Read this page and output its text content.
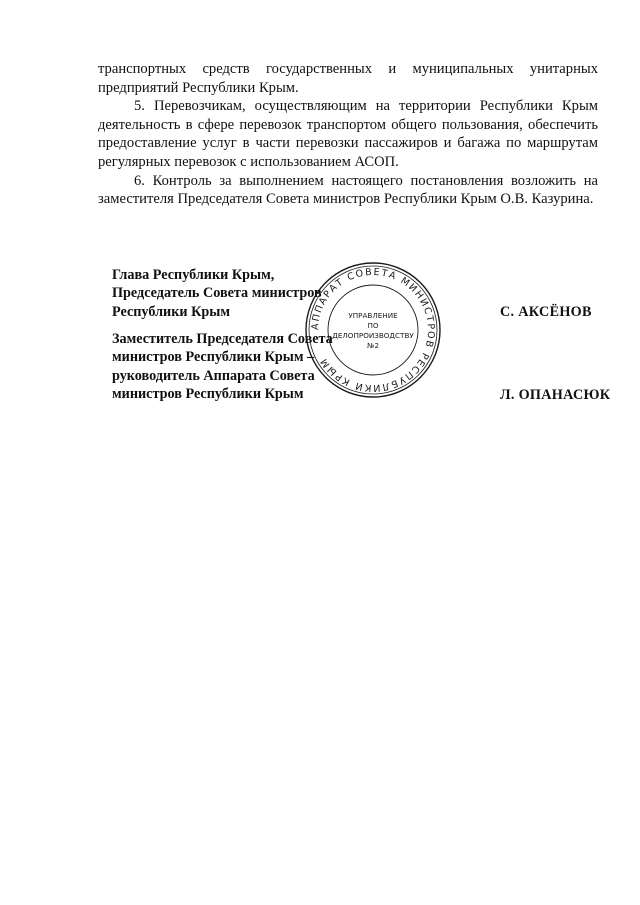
транспортных средств государственных и муниципальных унитарных предприятий Республики Крым.

5. Перевозчикам, осуществляющим на территории Республики Крым деятельность в сфере перевозок транспортом общего пользования, обеспечить предоставление услуг в части перевозки пассажиров и багажа по маршрутам регулярных перевозок с использованием АСОП.

6. Контроль за выполнением настоящего постановления возложить на заместителя Председателя Совета министров Республики Крым О.В. Казурина.

Глава Республики Крым,
Председатель Совета министров
Республики Крым	С. АКСЁНОВ
Заместитель Председателя Совета
министров Республики Крым –
руководитель Аппарата Совета
министров Республики Крым	Л. ОПАНАСЮК
АППАРАТ СОВЕТА МИНИСТРОВ РЕСПУБЛИКИ КРЫМ
УПРАВЛЕНИЕ
ПО
ДЕЛОПРОИЗВОДСТВУ
№2
